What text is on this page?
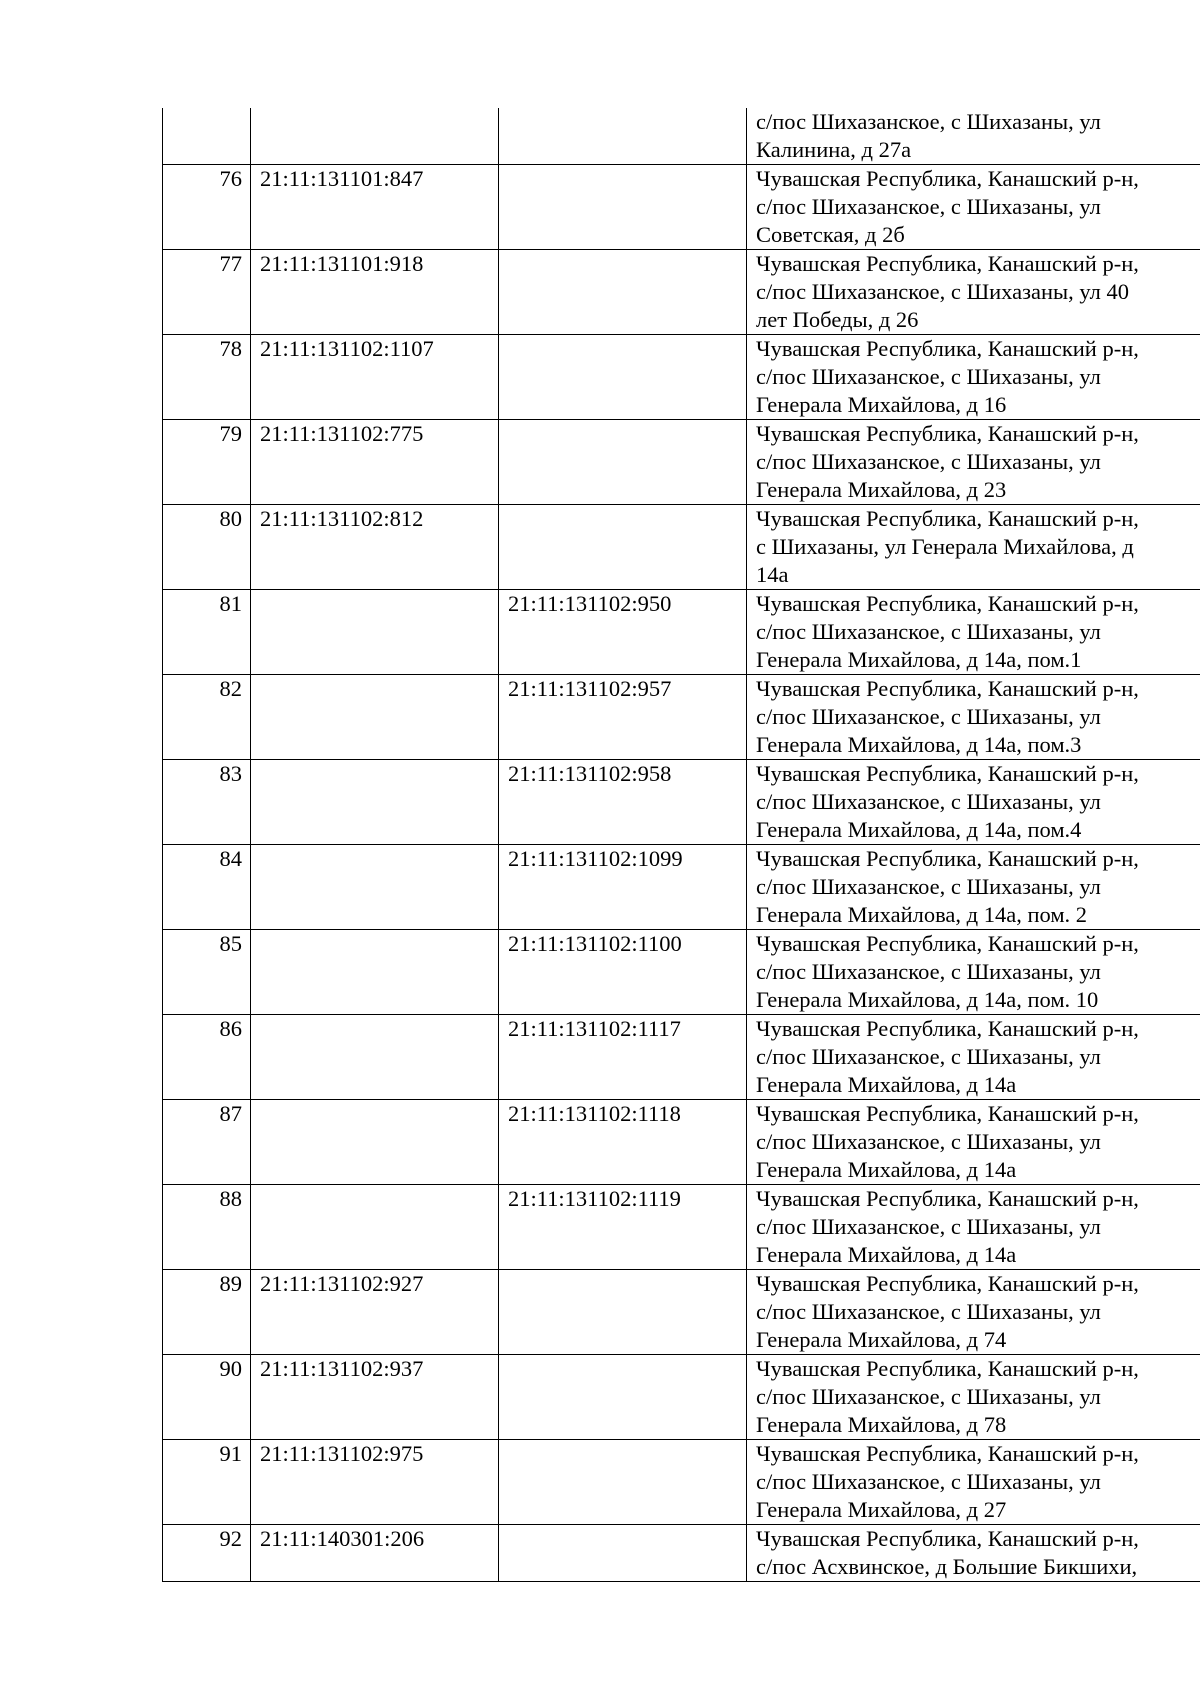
			с/пос Шихазанское, с Шихазаны, ул
Калинина, д 27а

76	21:11:131101:847		Чувашская Республика, Канашский р-н,
с/пос Шихазанское, с Шихазаны, ул
Советская, д 2б

77	21:11:131101:918		Чувашская Республика, Канашский р-н,
с/пос Шихазанское, с Шихазаны, ул 40
лет Победы, д 26

78	21:11:131102:1107		Чувашская Республика, Канашский р-н,
с/пос Шихазанское, с Шихазаны, ул
Генерала Михайлова, д 16

79	21:11:131102:775		Чувашская Республика, Канашский р-н,
с/пос Шихазанское, с Шихазаны, ул
Генерала Михайлова, д 23

80	21:11:131102:812		Чувашская Республика, Канашский р-н,
с Шихазаны, ул Генерала Михайлова, д
14а

81		21:11:131102:950	Чувашская Республика, Канашский р-н,
с/пос Шихазанское, с Шихазаны, ул
Генерала Михайлова, д 14а, пом.1

82		21:11:131102:957	Чувашская Республика, Канашский р-н,
с/пос Шихазанское, с Шихазаны, ул
Генерала Михайлова, д 14а, пом.3

83		21:11:131102:958	Чувашская Республика, Канашский р-н,
с/пос Шихазанское, с Шихазаны, ул
Генерала Михайлова, д 14а, пом.4

84		21:11:131102:1099	Чувашская Республика, Канашский р-н,
с/пос Шихазанское, с Шихазаны, ул
Генерала Михайлова, д 14а, пом. 2

85		21:11:131102:1100	Чувашская Республика, Канашский р-н,
с/пос Шихазанское, с Шихазаны, ул
Генерала Михайлова, д 14а, пом. 10

86		21:11:131102:1117	Чувашская Республика, Канашский р-н,
с/пос Шихазанское, с Шихазаны, ул
Генерала Михайлова, д 14а

87		21:11:131102:1118	Чувашская Республика, Канашский р-н,
с/пос Шихазанское, с Шихазаны, ул
Генерала Михайлова, д 14а

88		21:11:131102:1119	Чувашская Республика, Канашский р-н,
с/пос Шихазанское, с Шихазаны, ул
Генерала Михайлова, д 14а

89	21:11:131102:927		Чувашская Республика, Канашский р-н,
с/пос Шихазанское, с Шихазаны, ул
Генерала Михайлова, д 74

90	21:11:131102:937		Чувашская Республика, Канашский р-н,
с/пос Шихазанское, с Шихазаны, ул
Генерала Михайлова, д 78

91	21:11:131102:975		Чувашская Республика, Канашский р-н,
с/пос Шихазанское, с Шихазаны, ул
Генерала Михайлова, д 27

92	21:11:140301:206		Чувашская Республика, Канашский р-н,
с/пос Асхвинское, д Большие Бикшихи,
